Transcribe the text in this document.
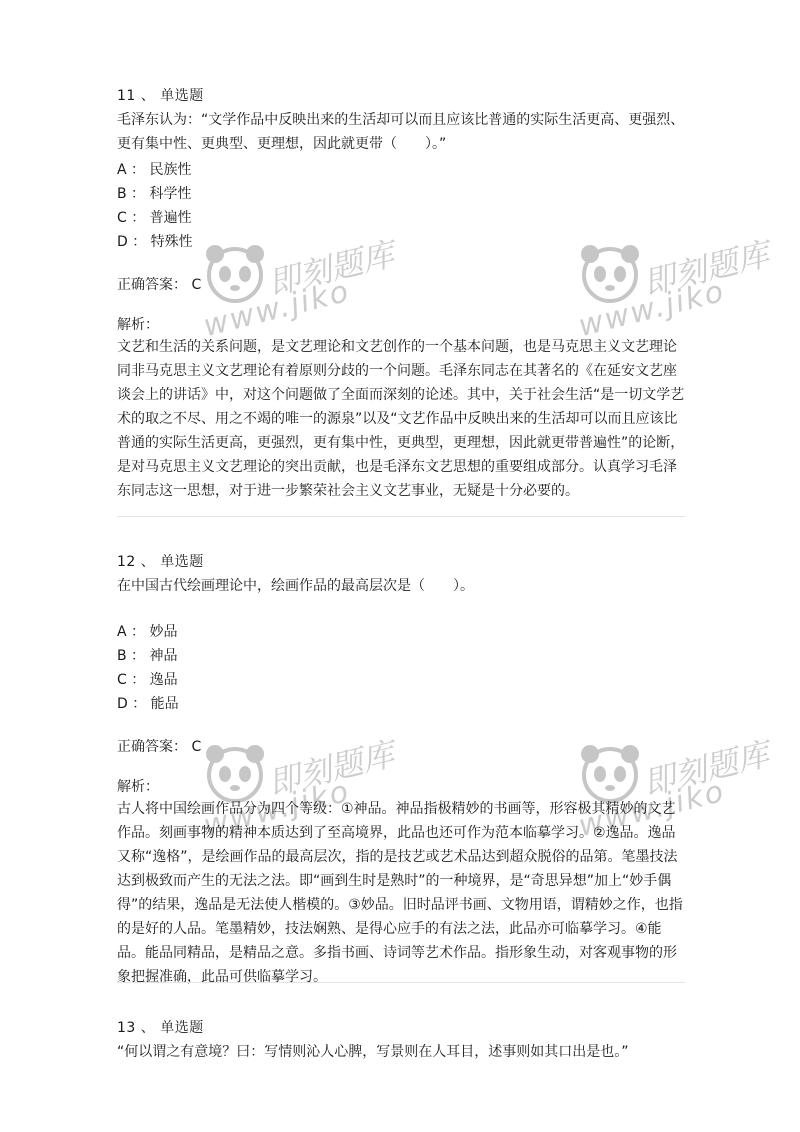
即刻题库
www.jiko
即刻题库
www.jiko
即刻题库
www.jiko
即刻题库
www.jiko
11 、 单选题
毛泽东认为：“文学作品中反映出来的生活却可以而且应该比普通的实际生活更高、更强烈、更有集中性、更典型、更理想，因此就更带（　　）。”
A ： 民族性
B ： 科学性
C ： 普遍性
D ： 特殊性
正确答案： C
解析：
文艺和生活的关系问题，是文艺理论和文艺创作的一个基本问题，也是马克思主义文艺理论同非马克思主义文艺理论有着原则分歧的一个问题。毛泽东同志在其著名的《在延安文艺座谈会上的讲话》中，对这个问题做了全面而深刻的论述。其中，关于社会生活“是一切文学艺术的取之不尽、用之不竭的唯一的源泉”以及“文艺作品中反映出来的生活却可以而且应该比普通的实际生活更高，更强烈，更有集中性，更典型，更理想，因此就更带普遍性”的论断，是对马克思主义文艺理论的突出贡献，也是毛泽东文艺思想的重要组成部分。认真学习毛泽东同志这一思想，对于进一步繁荣社会主义文艺事业，无疑是十分必要的。
12 、 单选题
在中国古代绘画理论中，绘画作品的最高层次是（　　）。
A ： 妙品
B ： 神品
C ： 逸品
D ： 能品
正确答案： C
解析：
古人将中国绘画作品分为四个等级：①神品。神品指极精妙的书画等，形容极其精妙的文艺作品。刻画事物的精神本质达到了至高境界，此品也还可作为范本临摹学习。②逸品。逸品又称“逸格”，是绘画作品的最高层次，指的是技艺或艺术品达到超众脱俗的品第。笔墨技法达到极致而产生的无法之法。即“画到生时是熟时”的一种境界，是“奇思异想”加上“妙手偶得”的结果，逸品是无法使人楷模的。③妙品。旧时品评书画、文物用语，谓精妙之作，也指的是好的人品。笔墨精妙，技法娴熟、是得心应手的有法之法，此品亦可临摹学习。④能品。能品同精品，是精品之意。多指书画、诗词等艺术作品。指形象生动，对客观事物的形象把握准确，此品可供临摹学习。
13 、 单选题
“何以谓之有意境？曰：写情则沁人心脾，写景则在人耳目，述事则如其口出是也。”
